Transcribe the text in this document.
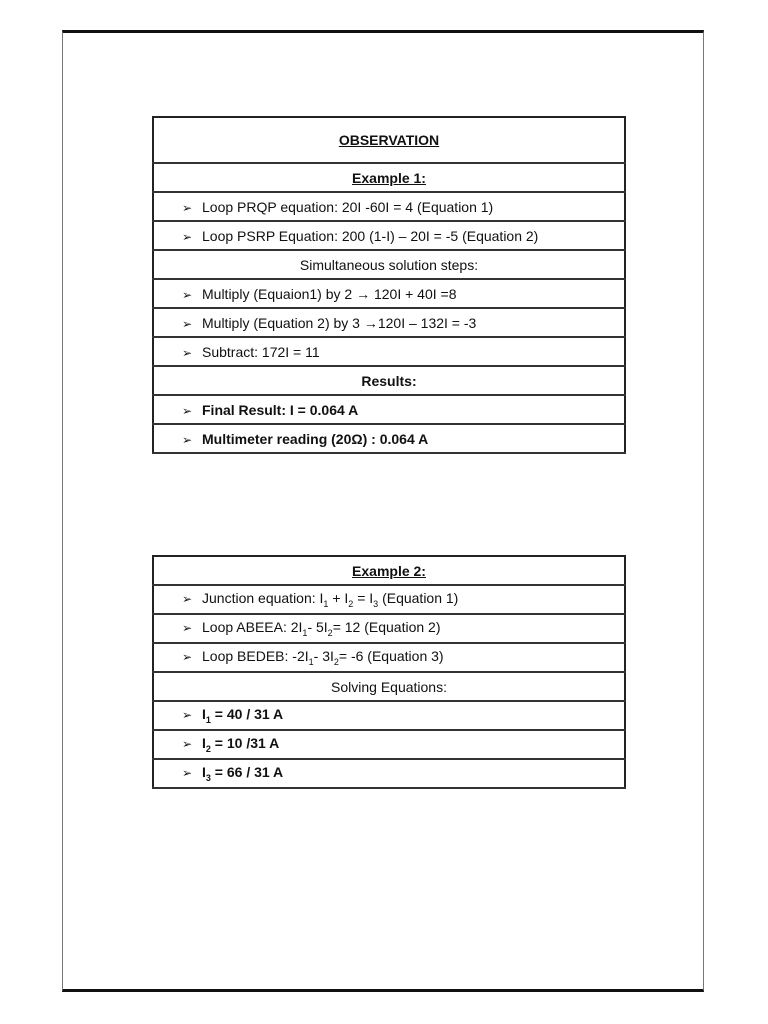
OBSERVATION
Example 1:
➢ Loop PRQP equation: 20I -60I = 4 (Equation 1)
➢ Loop PSRP Equation: 200 (1-I) – 20I = -5 (Equation 2)
Simultaneous solution steps:
➢ Multiply (Equaion1) by 2 → 120I + 40I =8
➢ Multiply (Equation 2) by 3 →120I – 132I = -3
➢ Subtract: 172I = 11
Results:
➢ Final Result: I = 0.064 A
➢ Multimeter reading (20Ω) : 0.064 A
Example 2:
➢ Junction equation: $I_1 + I_2 = I_3$ (Equation 1)
➢ Loop ABEEA: $2I_1-$ $5I_2= 12$ (Equation 2)
➢ Loop BEDEB: $-2I_1-$ $3I_2= -6$ (Equation 3)
Solving Equations:
➢ $I_1 = 40 / 31$ A
➢ $I_2 = 10$ /31 A
➢ $I_3 = 66 / 31$ A
